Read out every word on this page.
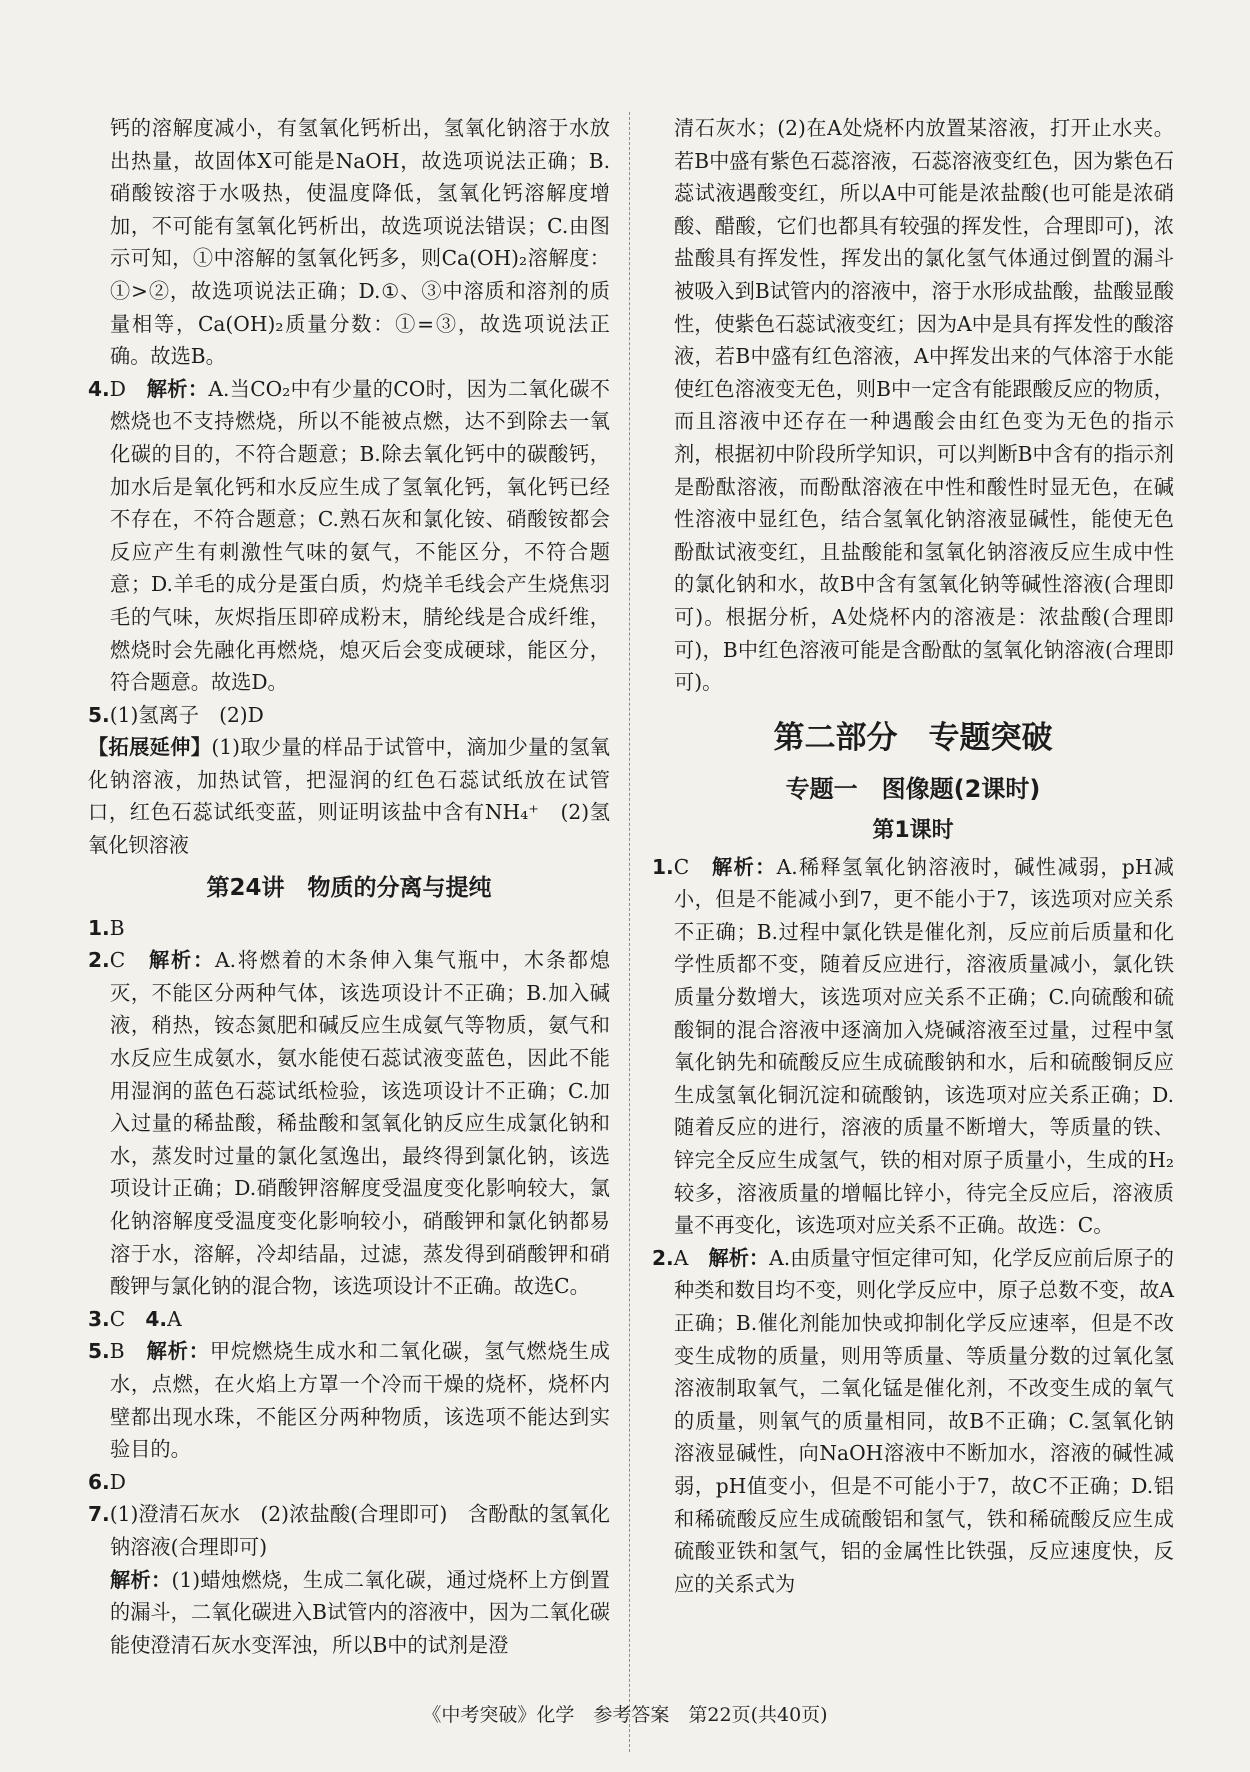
钙的溶解度减小，有氢氧化钙析出，氢氧化钠溶于水放出热量，故固体X可能是NaOH，故选项说法正确；B.硝酸铵溶于水吸热，使温度降低，氢氧化钙溶解度增加，不可能有氢氧化钙析出，故选项说法错误；C.由图示可知，①中溶解的氢氧化钙多，则Ca(OH)₂溶解度：①>②，故选项说法正确；D.①、③中溶质和溶剂的质量相等，Ca(OH)₂质量分数：①=③，故选项说法正确。故选B。

4.D　 解析：A.当CO₂中有少量的CO时，因为二氧化碳不燃烧也不支持燃烧，所以不能被点燃，达不到除去一氧化碳的目的，不符合题意；B.除去氧化钙中的碳酸钙，加水后是氧化钙和水反应生成了氢氧化钙，氧化钙已经不存在，不符合题意；C.熟石灰和氯化铵、硝酸铵都会反应产生有刺激性气味的氨气，不能区分，不符合题意；D.羊毛的成分是蛋白质，灼烧羊毛线会产生烧焦羽毛的气味，灰烬指压即碎成粉末，腈纶线是合成纤维，燃烧时会先融化再燃烧，熄灭后会变成硬球，能区分，符合题意。故选D。

5.(1)氢离子　(2)D

【拓展延伸】(1)取少量的样品于试管中，滴加少量的氢氧化钠溶液，加热试管，把湿润的红色石蕊试纸放在试管口，红色石蕊试纸变蓝，则证明该盐中含有NH₄⁺　(2)氢氧化钡溶液

第24讲　物质的分离与提纯

1.B

2.C　 解析：A.将燃着的木条伸入集气瓶中，木条都熄灭，不能区分两种气体，该选项设计不正确；B.加入碱液，稍热，铵态氮肥和碱反应生成氨气等物质，氨气和水反应生成氨水，氨水能使石蕊试液变蓝色，因此不能用湿润的蓝色石蕊试纸检验，该选项设计不正确；C.加入过量的稀盐酸，稀盐酸和氢氧化钠反应生成氯化钠和水，蒸发时过量的氯化氢逸出，最终得到氯化钠，该选项设计正确；D.硝酸钾溶解度受温度变化影响较大，氯化钠溶解度受温度变化影响较小，硝酸钾和氯化钠都易溶于水，溶解，冷却结晶，过滤，蒸发得到硝酸钾和硝酸钾与氯化钠的混合物，该选项设计不正确。故选C。

3.C　 4.A

5.B　 解析：甲烷燃烧生成水和二氧化碳，氢气燃烧生成水，点燃，在火焰上方罩一个冷而干燥的烧杯，烧杯内壁都出现水珠，不能区分两种物质，该选项不能达到实验目的。

6.D

7.(1)澄清石灰水　(2)浓盐酸(合理即可)　含酚酞的氢氧化钠溶液(合理即可)

解析：(1)蜡烛燃烧，生成二氧化碳，通过烧杯上方倒置的漏斗，二氧化碳进入B试管内的溶液中，因为二氧化碳能使澄清石灰水变浑浊，所以B中的试剂是澄

清石灰水；(2)在A处烧杯内放置某溶液，打开止水夹。若B中盛有紫色石蕊溶液，石蕊溶液变红色，因为紫色石蕊试液遇酸变红，所以A中可能是浓盐酸(也可能是浓硝酸、醋酸，它们也都具有较强的挥发性，合理即可)，浓盐酸具有挥发性，挥发出的氯化氢气体通过倒置的漏斗被吸入到B试管内的溶液中，溶于水形成盐酸，盐酸显酸性，使紫色石蕊试液变红；因为A中是具有挥发性的酸溶液，若B中盛有红色溶液，A中挥发出来的气体溶于水能使红色溶液变无色，则B中一定含有能跟酸反应的物质，而且溶液中还存在一种遇酸会由红色变为无色的指示剂，根据初中阶段所学知识，可以判断B中含有的指示剂是酚酞溶液，而酚酞溶液在中性和酸性时显无色，在碱性溶液中显红色，结合氢氧化钠溶液显碱性，能使无色酚酞试液变红，且盐酸能和氢氧化钠溶液反应生成中性的氯化钠和水，故B中含有氢氧化钠等碱性溶液(合理即可)。根据分析，A处烧杯内的溶液是：浓盐酸(合理即可)，B中红色溶液可能是含酚酞的氢氧化钠溶液(合理即可)。

第二部分　专题突破
专题一　图像题(2课时)
第1课时

1.C　 解析：A.稀释氢氧化钠溶液时，碱性减弱，pH减小，但是不能减小到7，更不能小于7，该选项对应关系不正确；B.过程中氯化铁是催化剂，反应前后质量和化学性质都不变，随着反应进行，溶液质量减小，氯化铁质量分数增大，该选项对应关系不正确；C.向硫酸和硫酸铜的混合溶液中逐滴加入烧碱溶液至过量，过程中氢氧化钠先和硫酸反应生成硫酸钠和水，后和硫酸铜反应生成氢氧化铜沉淀和硫酸钠，该选项对应关系正确；D.随着反应的进行，溶液的质量不断增大，等质量的铁、锌完全反应生成氢气，铁的相对原子质量小，生成的H₂较多，溶液质量的增幅比锌小，待完全反应后，溶液质量不再变化，该选项对应关系不正确。故选：C。

2.A　 解析：A.由质量守恒定律可知，化学反应前后原子的种类和数目均不变，则化学反应中，原子总数不变，故A正确；B.催化剂能加快或抑制化学反应速率，但是不改变生成物的质量，则用等质量、等质量分数的过氧化氢溶液制取氧气，二氧化锰是催化剂，不改变生成的氧气的质量，则氧气的质量相同，故B不正确；C.氢氧化钠溶液显碱性，向NaOH溶液中不断加水，溶液的碱性减弱，pH值变小，但是不可能小于7，故C不正确；D.铝和稀硫酸反应生成硫酸铝和氢气，铁和稀硫酸反应生成硫酸亚铁和氢气，铝的金属性比铁强，反应速度快，反应的关系式为

《中考突破》化学　参考答案　第22页(共40页)
